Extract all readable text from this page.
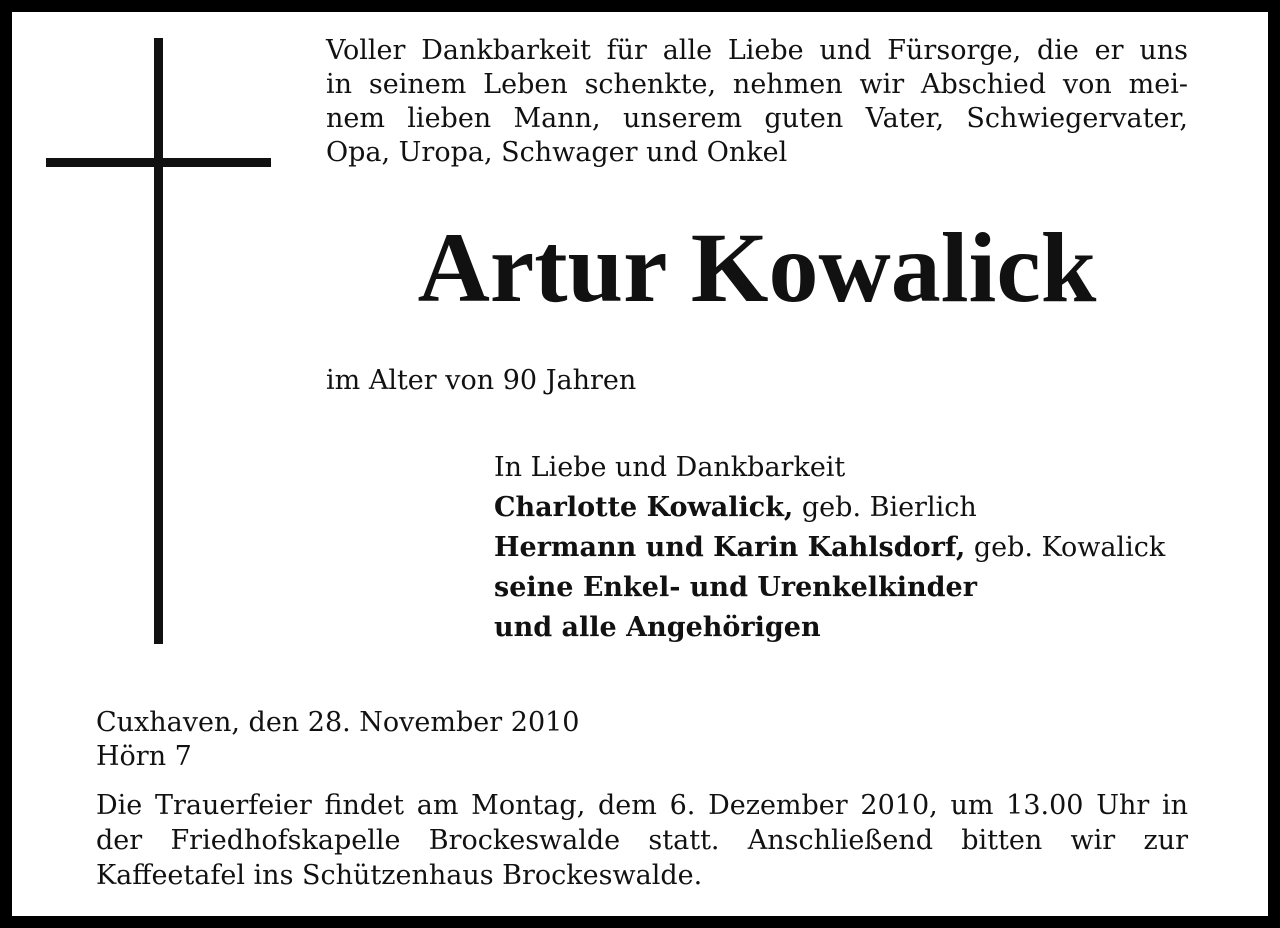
Voller Dankbarkeit für alle Liebe und Fürsorge, die er uns
in seinem Leben schenkte, nehmen wir Abschied von mei-
nem lieben Mann, unserem guten Vater, Schwiegervater,
Opa, Uropa, Schwager und Onkel
Artur Kowalick
im Alter von 90 Jahren
In Liebe und Dankbarkeit
Charlotte Kowalick, geb. Bierlich
Hermann und Karin Kahlsdorf, geb. Kowalick
seine Enkel- und Urenkelkinder
und alle Angehörigen
Cuxhaven, den 28. November 2010
Hörn 7
Die Trauerfeier findet am Montag, dem 6. Dezember 2010, um 13.00 Uhr in
der Friedhofskapelle Brockeswalde statt. Anschließend bitten wir zur
Kaffeetafel ins Schützenhaus Brockeswalde.
